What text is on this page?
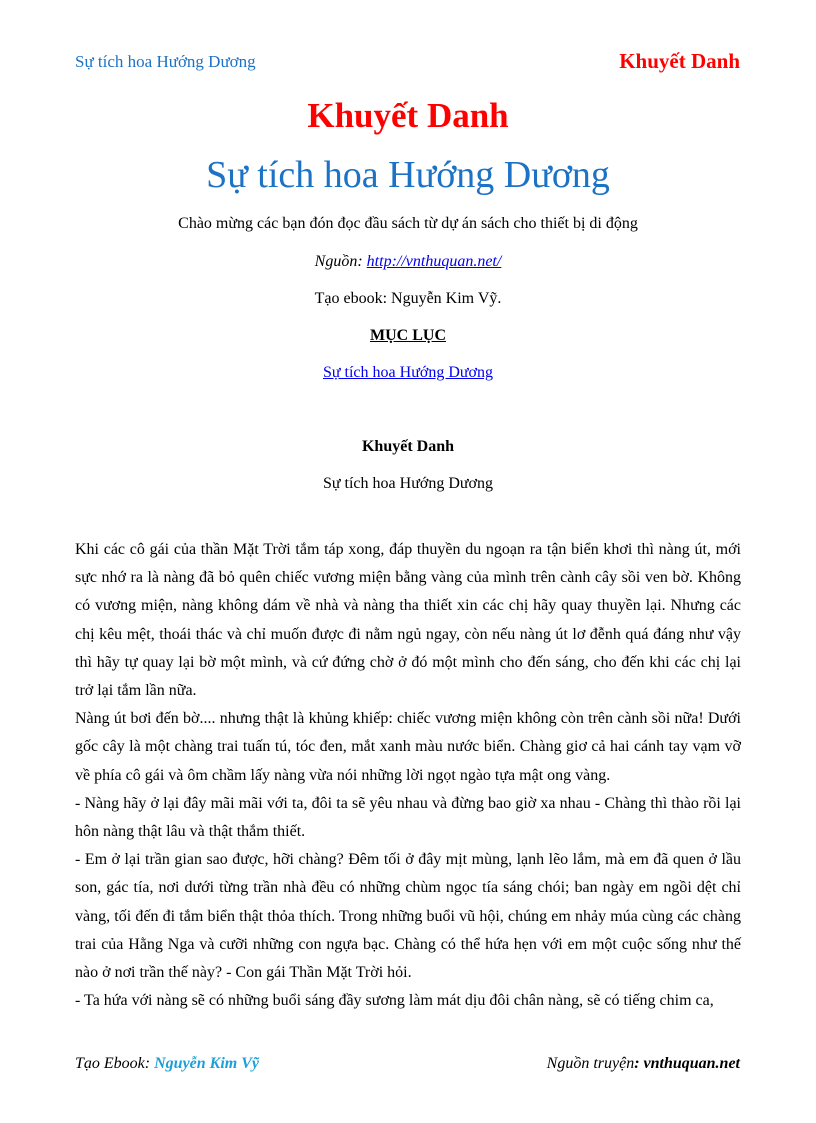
Sự tích hoa Hướng Dương	Khuyết Danh
Khuyết Danh
Sự tích hoa Hướng Dương
Chào mừng các bạn đón đọc đầu sách từ dự án sách cho thiết bị di động
Nguồn: http://vnthuquan.net/
Tạo ebook: Nguyễn Kim Vỹ.
MỤC LỤC
Sự tích hoa Hướng Dương
Khuyết Danh
Sự tích hoa Hướng Dương

Khi các cô gái của thần Mặt Trời tắm táp xong, đáp thuyền du ngoạn ra tận biển khơi thì nàng út, mới sực nhớ ra là nàng đã bỏ quên chiếc vương miện bằng vàng của mình trên cành cây sồi ven bờ. Không có vương miện, nàng không dám về nhà và nàng tha thiết xin các chị hãy quay thuyền lại. Nhưng các chị kêu mệt, thoái thác và chỉ muốn được đi nằm ngủ ngay, còn nếu nàng út lơ đễnh quá đáng như vậy thì hãy tự quay lại bờ một mình, và cứ đứng chờ ở đó một mình cho đến sáng, cho đến khi các chị lại trở lại tắm lần nữa.

Nàng út bơi đến bờ.... nhưng thật là khủng khiếp: chiếc vương miện không còn trên cành sồi nữa! Dưới gốc cây là một chàng trai tuấn tú, tóc đen, mắt xanh màu nước biển. Chàng giơ cả hai cánh tay vạm vỡ về phía cô gái và ôm chầm lấy nàng vừa nói những lời ngọt ngào tựa mật ong vàng.

- Nàng hãy ở lại đây mãi mãi với ta, đôi ta sẽ yêu nhau và đừng bao giờ xa nhau - Chàng thì thào rồi lại hôn nàng thật lâu và thật thắm thiết.

- Em ở lại trần gian sao được, hỡi chàng? Đêm tối ở đây mịt mùng, lạnh lẽo lắm, mà em đã quen ở lầu son, gác tía, nơi dưới từng trần nhà đều có những chùm ngọc tía sáng chói; ban ngày em ngồi dệt chỉ vàng, tối đến đi tắm biển thật thỏa thích. Trong những buổi vũ hội, chúng em nhảy múa cùng các chàng trai của Hằng Nga và cưỡi những con ngựa bạc. Chàng có thể hứa hẹn với em một cuộc sống như thế nào ở nơi trần thế này? - Con gái Thần Mặt Trời hỏi.

- Ta hứa với nàng sẽ có những buổi sáng đầy sương làm mát dịu đôi chân nàng, sẽ có tiếng chim ca,

Tạo Ebook: Nguyễn Kim Vỹ	Nguồn truyện: vnthuquan.net
